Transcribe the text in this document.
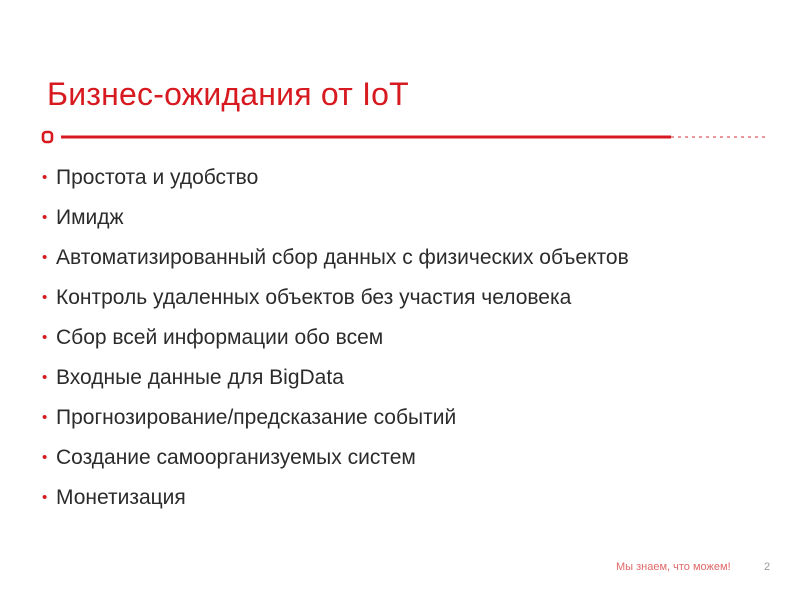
Бизнес-ожидания от IoT
• Простота и удобство
• Имидж
• Автоматизированный сбор данных с физических объектов
• Контроль удаленных объектов без участия человека
• Сбор всей информации обо всем
• Входные данные для BigData
• Прогнозирование/предсказание событий
• Создание самоорганизуемых систем
• Монетизация
Мы знаем, что можем!	2
